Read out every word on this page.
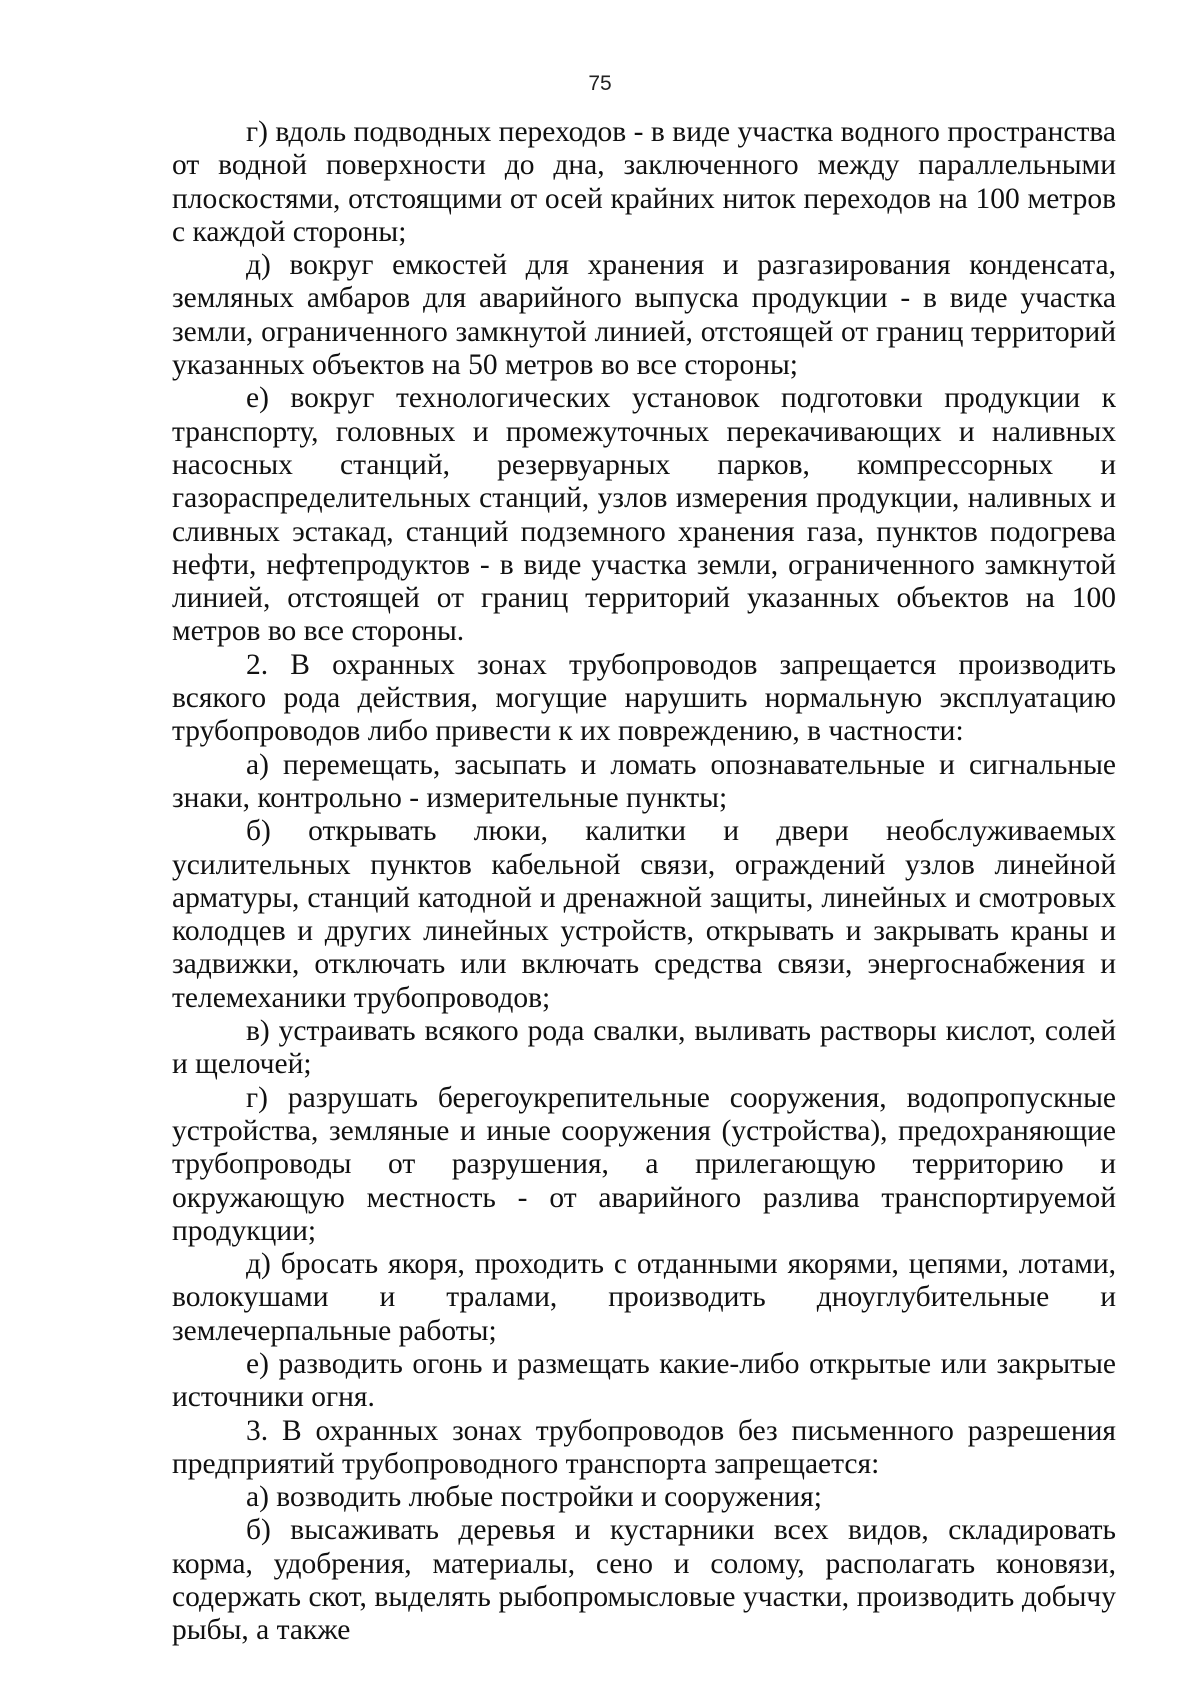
75

г) вдоль подводных переходов - в виде участка водного пространства от водной поверхности до дна, заключенного между параллельными плоскостями, отстоящими от осей крайних ниток переходов на 100 метров с каждой стороны;

д) вокруг емкостей для хранения и разгазирования конденсата, земляных амбаров для аварийного выпуска продукции - в виде участка земли, ограниченного замкнутой линией, отстоящей от границ территорий указанных объектов на 50 метров во все стороны;

е) вокруг технологических установок подготовки продукции к транспорту, головных и промежуточных перекачивающих и наливных насосных станций, резервуарных парков, компрессорных и газораспределительных станций, узлов измерения продукции, наливных и сливных эстакад, станций подземного хранения газа, пунктов подогрева нефти, нефтепродуктов - в виде участка земли, ограниченного замкнутой линией, отстоящей от границ территорий указанных объектов на 100 метров во все стороны.

2. В охранных зонах трубопроводов запрещается производить всякого рода действия, могущие нарушить нормальную эксплуатацию трубопроводов либо привести к их повреждению, в частности:

а) перемещать, засыпать и ломать опознавательные и сигнальные знаки, контрольно - измерительные пункты;

б) открывать люки, калитки и двери необслуживаемых усилительных пунктов кабельной связи, ограждений узлов линейной арматуры, станций катодной и дренажной защиты, линейных и смотровых колодцев и других линейных устройств, открывать и закрывать краны и задвижки, отключать или включать средства связи, энергоснабжения и телемеханики трубопроводов;

в) устраивать всякого рода свалки, выливать растворы кислот, солей и щелочей;

г) разрушать берегоукрепительные сооружения, водопропускные устройства, земляные и иные сооружения (устройства), предохраняющие трубопроводы от разрушения, а прилегающую территорию и окружающую местность - от аварийного разлива транспортируемой продукции;

д) бросать якоря, проходить с отданными якорями, цепями, лотами, волокушами и тралами, производить дноуглубительные и землечерпальные работы;

е) разводить огонь и размещать какие-либо открытые или закрытые источники огня.

3. В охранных зонах трубопроводов без письменного разрешения предприятий трубопроводного транспорта запрещается:

а) возводить любые постройки и сооружения;

б) высаживать деревья и кустарники всех видов, складировать корма, удобрения, материалы, сено и солому, располагать коновязи, содержать скот, выделять рыбопромысловые участки, производить добычу рыбы, а также
